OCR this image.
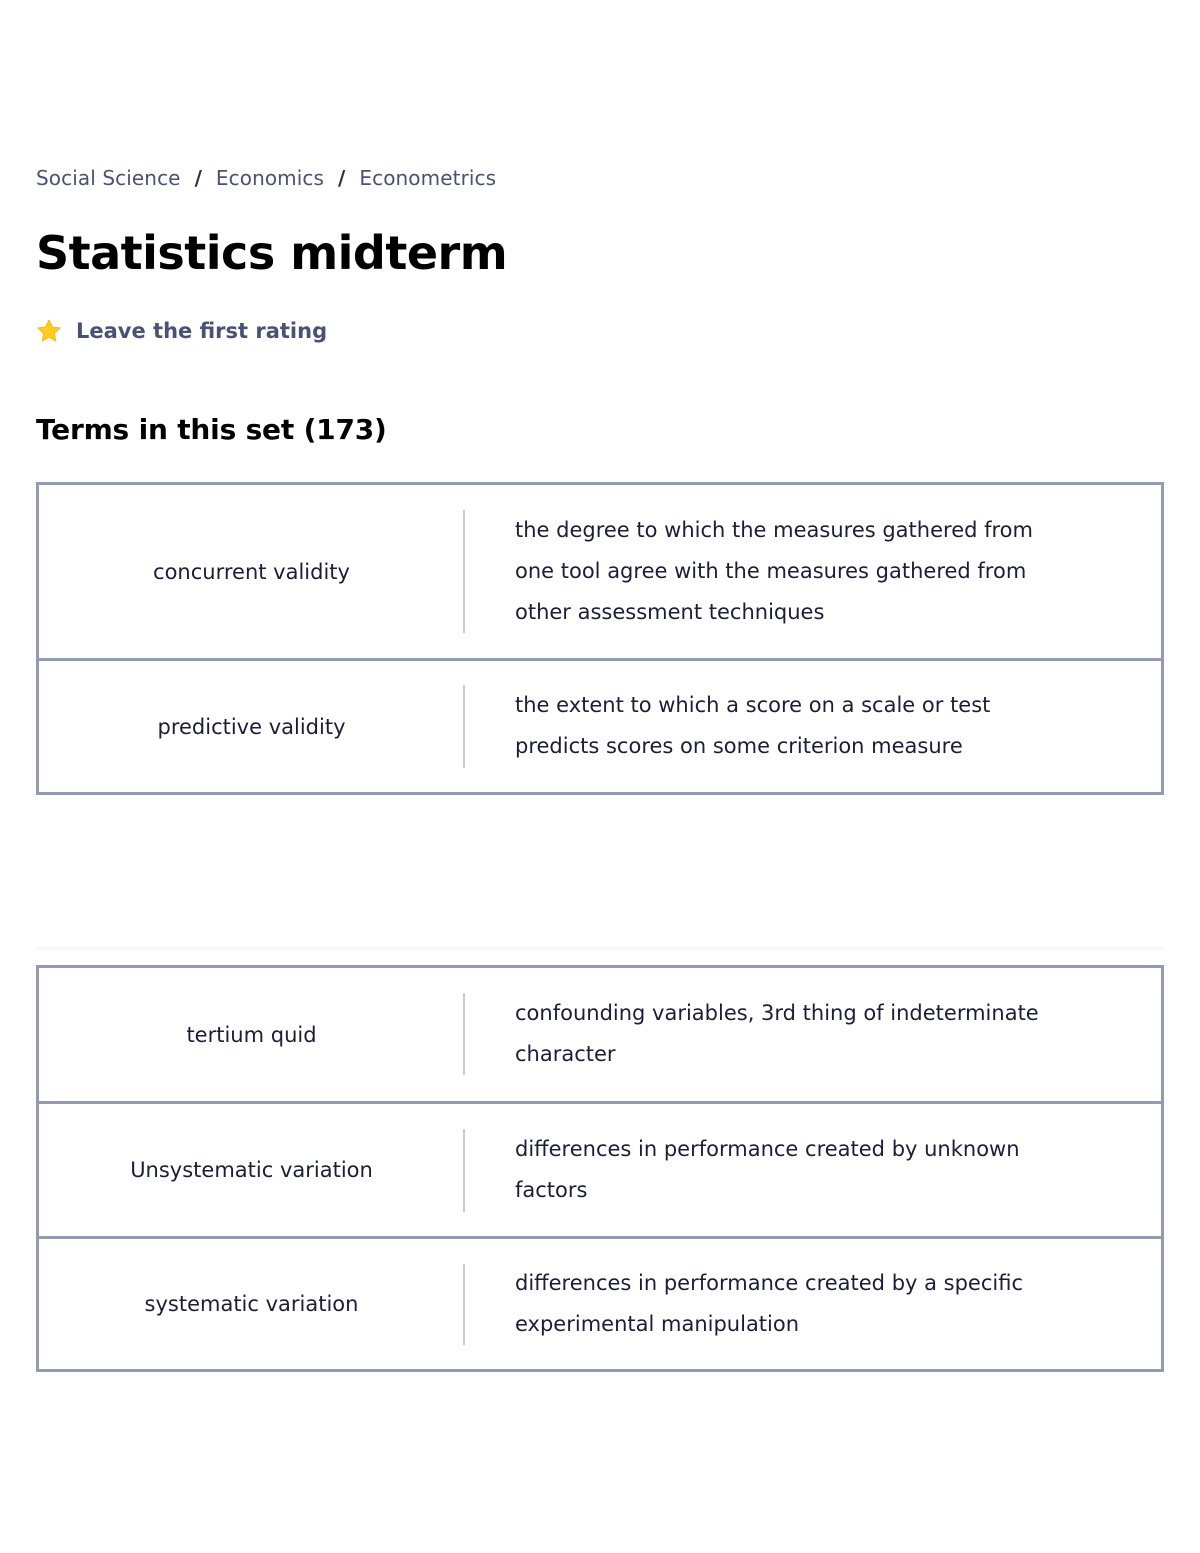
Social Science / Economics / Econometrics
Statistics midterm
Leave the first rating
Terms in this set (173)
concurrent validity
the degree to which the measures gathered from
one tool agree with the measures gathered from
other assessment techniques
predictive validity
the extent to which a score on a scale or test
predicts scores on some criterion measure
tertium quid
confounding variables, 3rd thing of indeterminate
character
Unsystematic variation
differences in performance created by unknown
factors
systematic variation
differences in performance created by a specific
experimental manipulation
